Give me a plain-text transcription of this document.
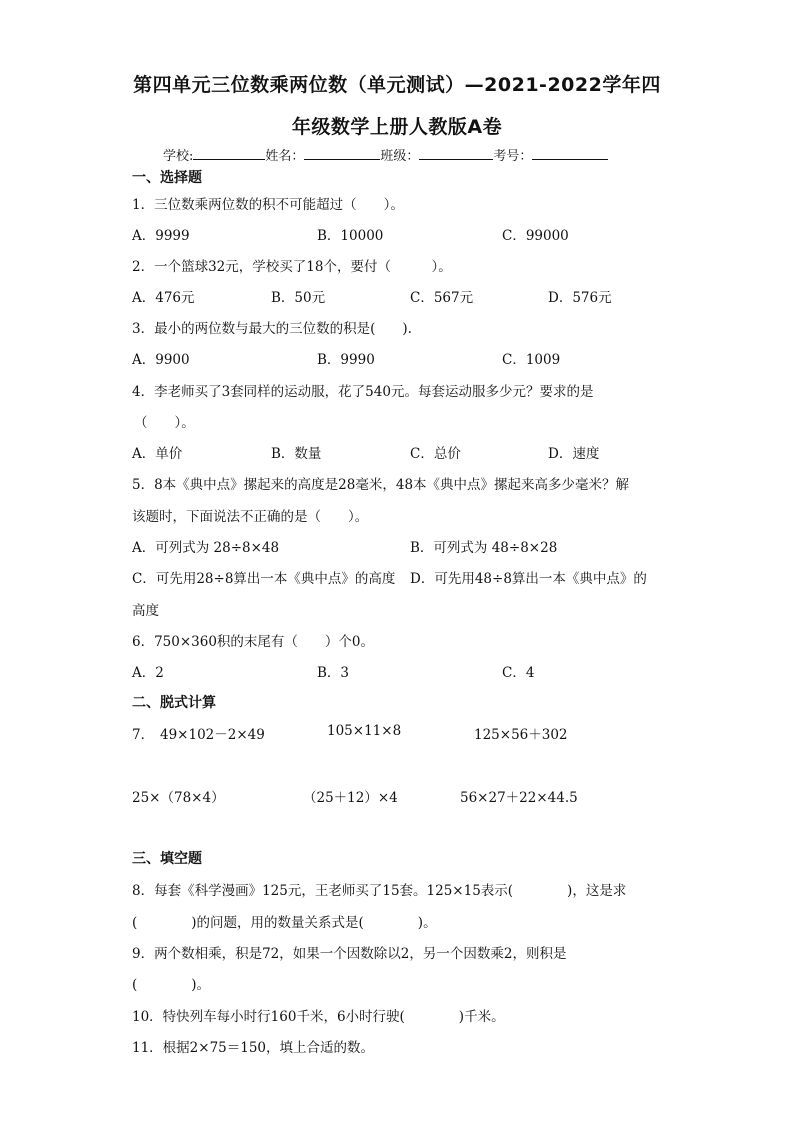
第四单元三位数乘两位数（单元测试）—2021-2022学年四
年级数学上册人教版A卷
学校:	姓名：	班级：	考号：
一、选择题
1．三位数乘两位数的积不可能超过（　　）。
A．9999	B．10000	C．99000
2．一个篮球32元，学校买了18个，要付（　　　）。
A．476元	B．50元	C．567元	D．576元
3．最小的两位数与最大的三位数的积是(　　).
A．9900	B．9990	C．1009
4．李老师买了3套同样的运动服，花了540元。每套运动服多少元？要求的是
（　　）。
A．单价	B．数量	C．总价	D．速度
5．8本《典中点》摞起来的高度是28毫米，48本《典中点》摞起来高多少毫米？解
该题时，下面说法不正确的是（　　）。
A．可列式为 28÷8×48	B．可列式为 48÷8×28
C．可先用28÷8算出一本《典中点》的高度 D．可先用48÷8算出一本《典中点》的
高度
6．750×360积的末尾有（　　）个0。
A．2	B．3	C．4
二、脱式计算
7． 49×102－2×49	105×11×8	125×56＋302
25×（78×4）	（25＋12）×4	56×27＋22×44.5
三、填空题
8．每套《科学漫画》125元，王老师买了15套。125×15表示(　　　　)，这是求
(　　　　)的问题，用的数量关系式是(　　　　)。
9．两个数相乘，积是72，如果一个因数除以2，另一个因数乘2，则积是
(　　　　)。
10．特快列车每小时行160千米，6小时行驶(　　　　)千米。
11．根据2×75＝150，填上合适的数。
